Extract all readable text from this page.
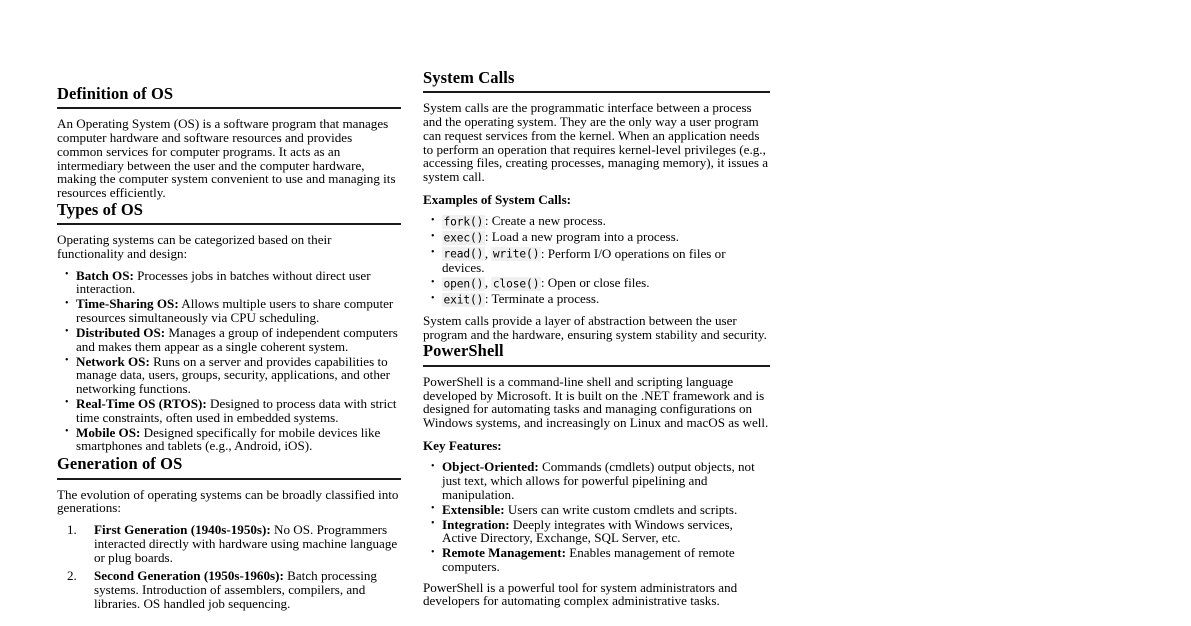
Definition of OS

An Operating System (OS) is a software program that manages computer hardware and software resources and provides common services for computer programs. It acts as an intermediary between the user and the computer hardware, making the computer system convenient to use and managing its resources efficiently.

Types of OS

Operating systems can be categorized based on their functionality and design:

• Batch OS: Processes jobs in batches without direct user interaction.
• Time-Sharing OS: Allows multiple users to share computer resources simultaneously via CPU scheduling.
• Distributed OS: Manages a group of independent computers and makes them appear as a single coherent system.
• Network OS: Runs on a server and provides capabilities to manage data, users, groups, security, applications, and other networking functions.
• Real-Time OS (RTOS): Designed to process data with strict time constraints, often used in embedded systems.
• Mobile OS: Designed specifically for mobile devices like smartphones and tablets (e.g., Android, iOS).
Generation of OS

The evolution of operating systems can be broadly classified into generations:

First Generation (1940s-1950s): No OS. Programmers interacted directly with hardware using machine language or plug boards.
Second Generation (1950s-1960s): Batch processing systems. Introduction of assemblers, compilers, and libraries. OS handled job sequencing.
System Calls

System calls are the programmatic interface between a process and the operating system. They are the only way a user program can request services from the kernel. When an application needs to perform an operation that requires kernel-level privileges (e.g., accessing files, creating processes, managing memory), it issues a system call.

Examples of System Calls:

• fork() : Create a new process.
• exec() : Load a new program into a process.
• read() , write() : Perform I/O operations on files or devices.
• open() , close() : Open or close files.
• exit() : Terminate a process.

System calls provide a layer of abstraction between the user program and the hardware, ensuring system stability and security.

PowerShell

PowerShell is a command-line shell and scripting language developed by Microsoft. It is built on the .NET framework and is designed for automating tasks and managing configurations on Windows systems, and increasingly on Linux and macOS as well.

Key Features:

• Object-Oriented: Commands (cmdlets) output objects, not just text, which allows for powerful pipelining and manipulation.
• Extensible: Users can write custom cmdlets and scripts.
• Integration: Deeply integrates with Windows services, Active Directory, Exchange, SQL Server, etc.
• Remote Management: Enables management of remote computers.

PowerShell is a powerful tool for system administrators and developers for automating complex administrative tasks.
